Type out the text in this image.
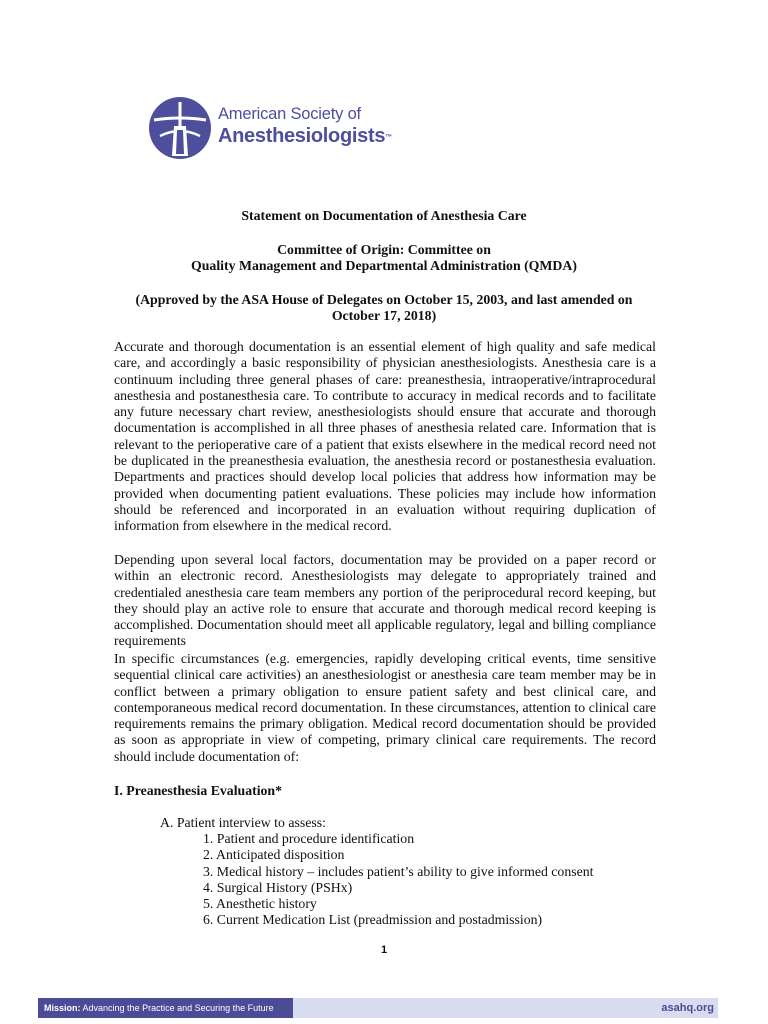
American Society of
Anesthesiologists™
Statement on Documentation of Anesthesia Care
Committee of Origin: Committee on
Quality Management and Departmental Administration (QMDA)
(Approved by the ASA House of Delegates on October 15, 2003, and last amended on
October 17, 2018)
Accurate and thorough documentation is an essential element of high quality and safe medical care, and accordingly a basic responsibility of physician anesthesiologists. Anesthesia care is a continuum including three general phases of care: preanesthesia, intraoperative/intraprocedural anesthesia and postanesthesia care. To contribute to accuracy in medical records and to facilitate any future necessary chart review, anesthesiologists should ensure that accurate and thorough documentation is accomplished in all three phases of anesthesia related care. Information that is relevant to the perioperative care of a patient that exists elsewhere in the medical record need not be duplicated in the preanesthesia evaluation, the anesthesia record or postanesthesia evaluation. Departments and practices should develop local policies that address how information may be provided when documenting patient evaluations. These policies may include how information should be referenced and incorporated in an evaluation without requiring duplication of information from elsewhere in the medical record.
Depending upon several local factors, documentation may be provided on a paper record or within an electronic record. Anesthesiologists may delegate to appropriately trained and credentialed anesthesia care team members any portion of the periprocedural record keeping, but they should play an active role to ensure that accurate and thorough medical record keeping is accomplished. Documentation should meet all applicable regulatory, legal and billing compliance requirements
In specific circumstances (e.g. emergencies, rapidly developing critical events, time sensitive sequential clinical care activities) an anesthesiologist or anesthesia care team member may be in conflict between a primary obligation to ensure patient safety and best clinical care, and contemporaneous medical record documentation. In these circumstances, attention to clinical care requirements remains the primary obligation. Medical record documentation should be provided as soon as appropriate in view of competing, primary clinical care requirements. The record should include documentation of:
I. Preanesthesia Evaluation*
A. Patient interview to assess:
1. Patient and procedure identification
2. Anticipated disposition
3. Medical history – includes patient’s ability to give informed consent
4. Surgical History (PSHx)
5. Anesthetic history
6. Current Medication List (preadmission and postadmission)
1
Mission: Advancing the Practice and Securing the Future	asahq.org
